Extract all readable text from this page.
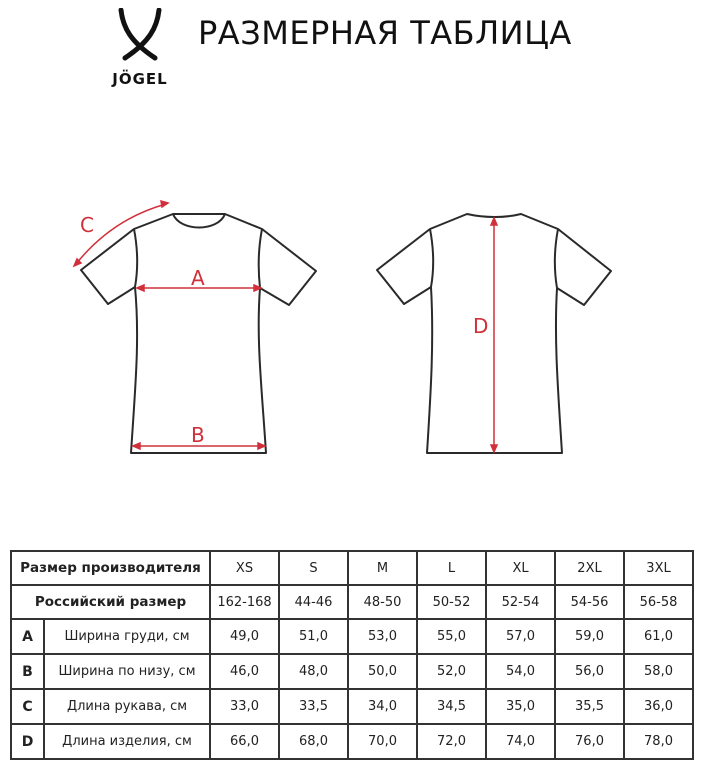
JÖGEL
РАЗМЕРНАЯ ТАБЛИЦА
A
B
C
D
Размер производителя		XS	S	M	L	XL	2XL	3XL
Российский размер		162-168	44-46	48-50	50-52	52-54	54-56	56-58
A	Ширина груди, см	49,0	51,0	53,0	55,0	57,0	59,0	61,0
B	Ширина по низу, см	46,0	48,0	50,0	52,0	54,0	56,0	58,0
C	Длина рукава, см	33,0	33,5	34,0	34,5	35,0	35,5	36,0
D	Длина изделия, см	66,0	68,0	70,0	72,0	74,0	76,0	78,0
